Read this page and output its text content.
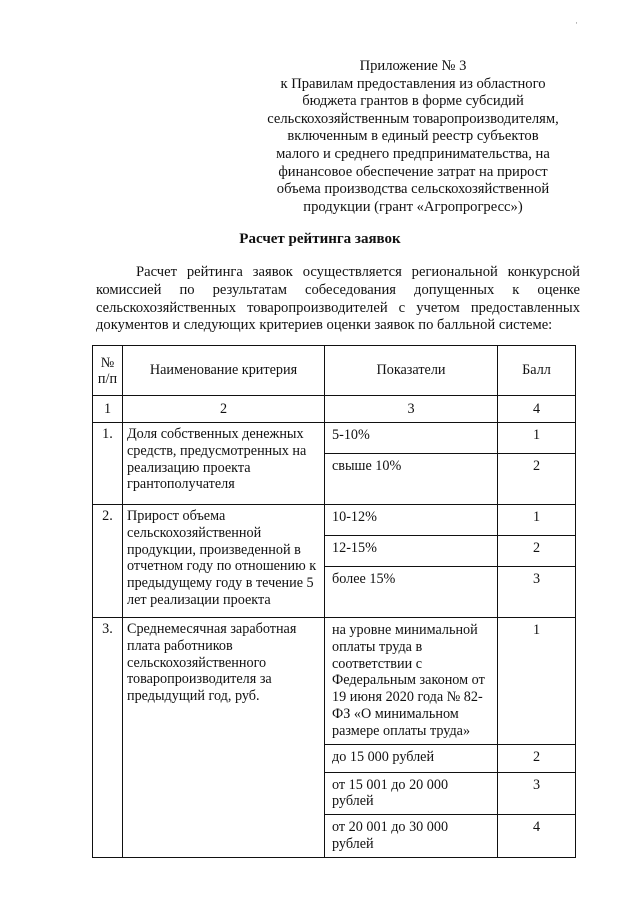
·
Приложение № 3
к Правилам предоставления из областного
бюджета грантов в форме субсидий
сельскохозяйственным товаропроизводителям,
включенным в единый реестр субъектов
малого и среднего предпринимательства, на
финансовое обеспечение затрат на прирост
объема производства сельскохозяйственной
продукции (грант «Агропрогресс»)
Расчет рейтинга заявок
Расчет рейтинга заявок осуществляется региональной конкурсной
комиссией по результатам собеседования допущенных к оценке
сельскохозяйственных товаропроизводителей с учетом предоставленных
документов и следующих критериев оценки заявок по балльной системе:
№
п/п	Наименование критерия	Показатели	Балл
1	2	3	4
1.	Доля собственных денежных средств, предусмотренных на реализацию проекта грантополучателя	5-10%	1
		свыше 10%	2
2.	Прирост объема сельскохозяйственной продукции, произведенной в отчетном году по отношению к предыдущему году в течение 5 лет реализации проекта	10-12%	1
		12-15%	2
		более 15%	3
3.	Среднемесячная заработная плата работников сельскохозяйственного товаропроизводителя за предыдущий год, руб.	на уровне минимальной оплаты труда в соответствии с Федеральным законом от 19 июня 2020 года № 82-ФЗ «О минимальном размере оплаты труда»	1
		до 15 000 рублей	2
		от 15 001 до 20 000 рублей	3
		от 20 001 до 30 000 рублей	4
